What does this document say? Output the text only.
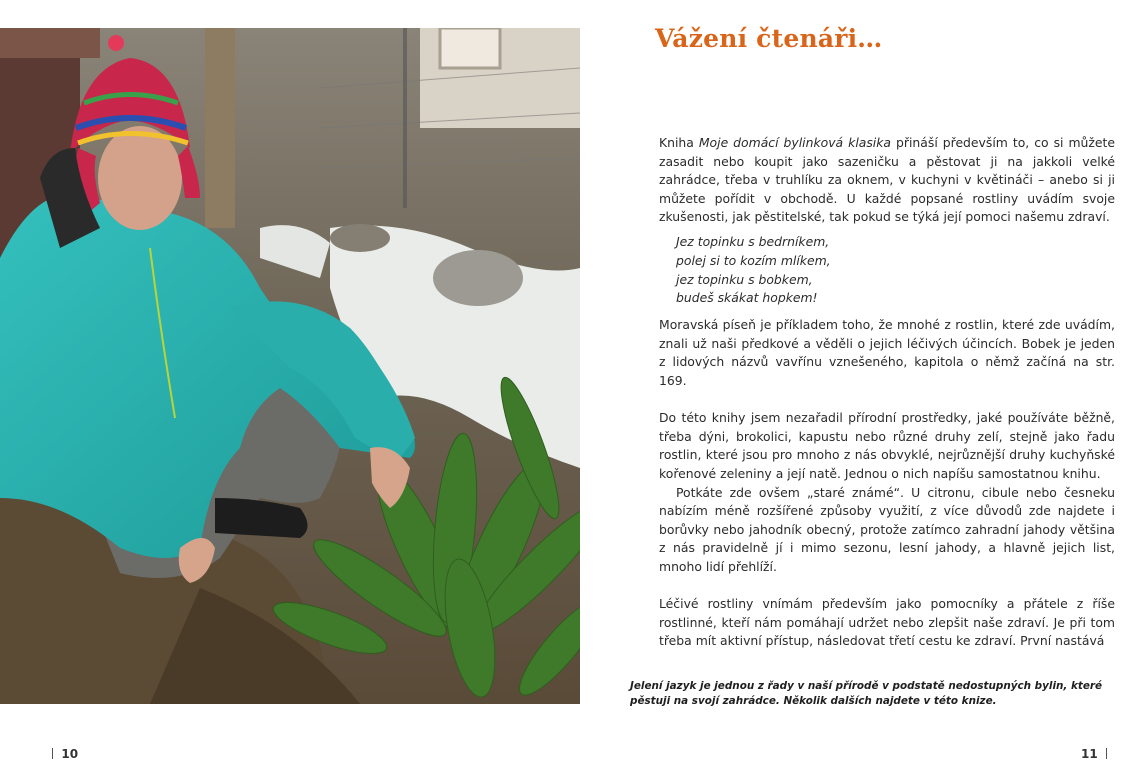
Vážení čtenáři…

Kniha Moje domácí bylinková klasika přináší především to, co si můžete zasadit nebo koupit jako sazeničku a pěstovat ji na jakkoli velké zahrádce, třeba v truhlíku za oknem, v kuchyni v květináči – anebo si ji můžete pořídit v obchodě. U každé popsané rostliny uvádím svoje zkušenosti, jak pěstitelské, tak pokud se týká její pomoci našemu zdraví.

Jez topinku s bedrníkem,
polej si to kozím mlíkem,
jez topinku s bobkem,
budeš skákat hopkem!

Moravská píseň je příkladem toho, že mnohé z rostlin, které zde uvádím, znali už naši předkové a věděli o jejich léčivých účincích. Bobek je jeden z lidových názvů vavřínu vznešeného, kapitola o němž začíná na str. 169.

Do této knihy jsem nezařadil přírodní prostředky, jaké používáte běžně, třeba dýni, brokolici, kapustu nebo různé druhy zelí, stejně jako řadu rostlin, které jsou pro mnoho z nás obvyklé, nejrůznější druhy kuchyňské kořenové zeleniny a její natě. Jednou o nich napíšu samostatnou knihu.

Potkáte zde ovšem „staré známé“. U citronu, cibule nebo česneku nabízím méně rozšířené způsoby využití, z více důvodů zde najdete i borůvky nebo jahodník obecný, protože zatímco zahradní jahody většina z nás pravidelně jí i mimo sezonu, lesní jahody, a hlavně jejich list, mnoho lidí přehlíží.

Léčivé rostliny vnímám především jako pomocníky a přátele z říše rostlinné, kteří nám pomáhají udržet nebo zlepšit naše zdraví. Je při tom třeba mít aktivní přístup, následovat třetí cestu ke zdraví. První nastává

Jelení jazyk je jednou z řady v naší přírodě v podstatě nedostupných bylin, které pěstuji na svojí zahrádce. Několik dalších najdete v této knize.
10	11
